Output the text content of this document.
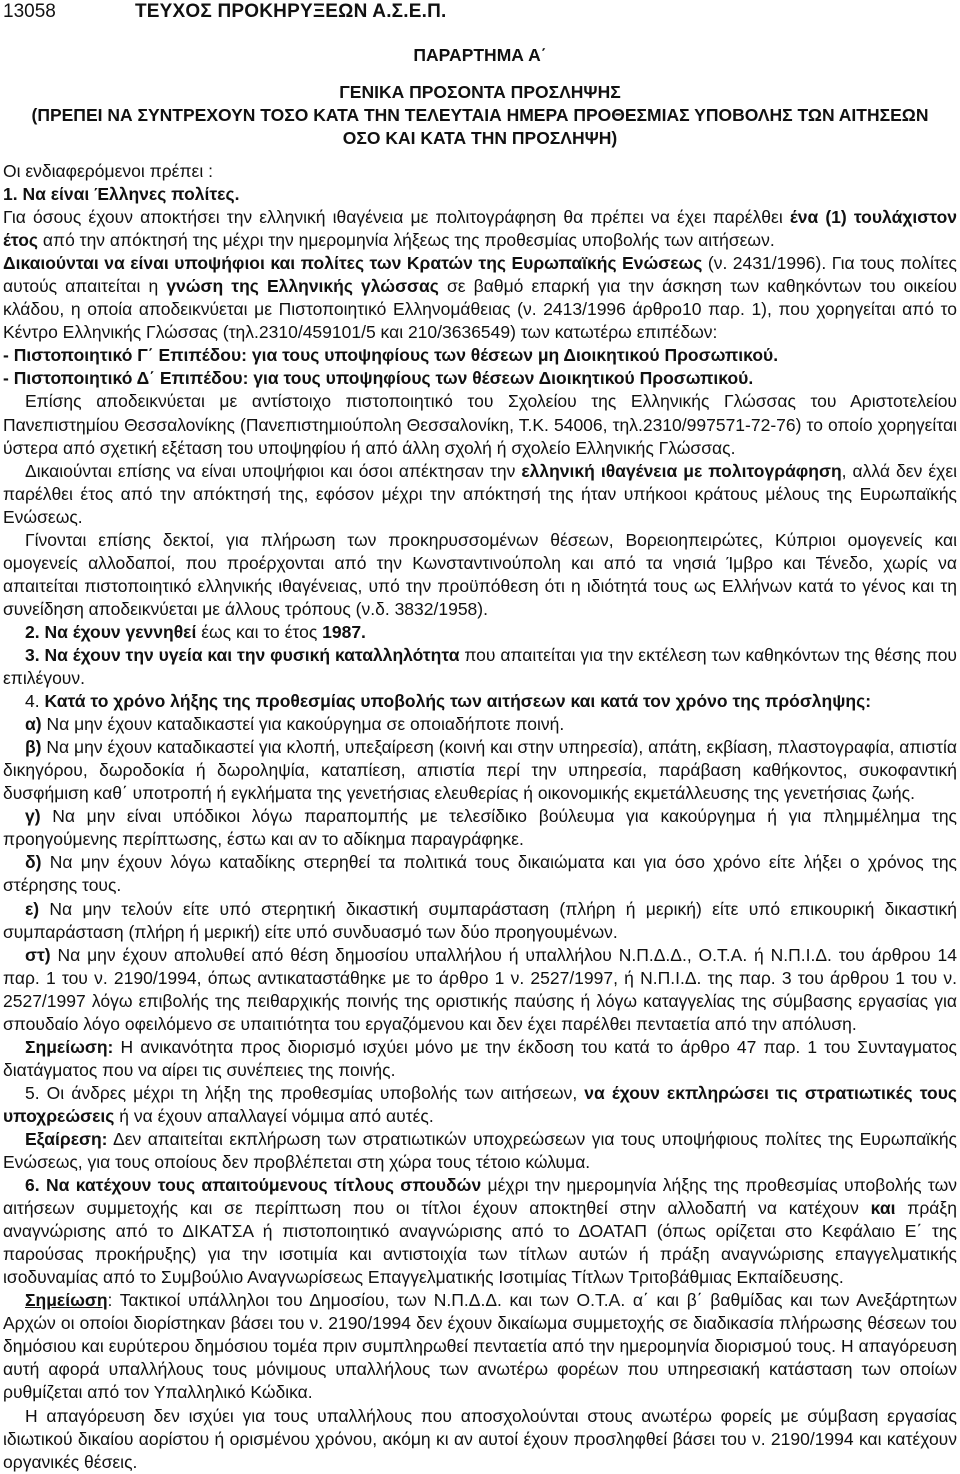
13058	ΤΕΥΧΟΣ ΠΡΟΚΗΡΥΞΕΩΝ Α.Σ.Ε.Π.
ΠΑΡΑΡΤΗΜΑ Α΄
ΓΕΝΙΚΑ ΠΡΟΣΟΝΤΑ ΠΡΟΣΛΗΨΗΣ
(ΠΡΕΠΕΙ ΝΑ ΣΥΝΤΡΕΧΟΥΝ ΤΟΣΟ ΚΑΤΑ ΤΗΝ ΤΕΛΕΥΤΑΙΑ ΗΜΕΡΑ ΠΡΟΘΕΣΜΙΑΣ ΥΠΟΒΟΛΗΣ ΤΩΝ ΑΙΤΗΣΕΩΝ
ΟΣΟ ΚΑΙ ΚΑΤΑ ΤΗΝ ΠΡΟΣΛΗΨΗ)

Οι ενδιαφερόμενοι πρέπει :

1. Να είναι Έλληνες πολίτες.

Για όσους έχουν αποκτήσει την ελληνική ιθαγένεια με πολιτογράφηση θα πρέπει να έχει παρέλθει ένα (1) τουλάχιστον έτος από την απόκτησή της μέχρι την ημερομηνία λήξεως της προθεσμίας υποβολής των αιτήσεων.

Δικαιούνται να είναι υποψήφιοι και πολίτες των Κρατών της Ευρωπαϊκής Ενώσεως (ν. 2431/1996). Για τους πολίτες αυτούς απαιτείται η γνώση της Ελληνικής γλώσσας σε βαθμό επαρκή για την άσκηση των καθηκόντων του οικείου κλάδου, η οποία αποδεικνύεται με Πιστοποιητικό Ελληνομάθειας (ν. 2413/1996 άρθρο10 παρ. 1), που χορηγείται από το Κέντρο Ελληνικής Γλώσσας (τηλ.2310/459101/5 και 210/3636549) των κατωτέρω επιπέδων:

- Πιστοποιητικό Γ΄ Επιπέδου: για τους υποψηφίους των θέσεων μη Διοικητικού Προσωπικού.

- Πιστοποιητικό Δ΄ Επιπέδου: για τους υποψηφίους των θέσεων Διοικητικού Προσωπικού.

Επίσης αποδεικνύεται με αντίστοιχο πιστοποιητικό του Σχολείου της Ελληνικής Γλώσσας του Αριστοτελείου Πανεπιστημίου Θεσσαλονίκης (Πανεπιστημιούπολη Θεσσαλονίκη, Τ.Κ. 54006, τηλ.2310/997571-72-76) το οποίο χορηγείται ύστερα από σχετική εξέταση του υποψηφίου ή από άλλη σχολή ή σχολείο Ελληνικής Γλώσσας.

Δικαιούνται επίσης να είναι υποψήφιοι και όσοι απέκτησαν την ελληνική ιθαγένεια με πολιτογράφηση, αλλά δεν έχει παρέλθει έτος από την απόκτησή της, εφόσον μέχρι την απόκτησή της ήταν υπήκοοι κράτους μέλους της Ευρωπαϊκής Ενώσεως.

Γίνονται επίσης δεκτοί, για πλήρωση των προκηρυσσομένων θέσεων, Βορειοηπειρώτες, Κύπριοι ομογενείς και ομογενείς αλλοδαποί, που προέρχονται από την Κωνσταντινούπολη και από τα νησιά Ίμβρο και Τένεδο, χωρίς να απαιτείται πιστοποιητικό ελληνικής ιθαγένειας, υπό την προϋπόθεση ότι η ιδιότητά τους ως Ελλήνων κατά το γένος και τη συνείδηση αποδεικνύεται με άλλους τρόπους (ν.δ. 3832/1958).

2. Να έχουν γεννηθεί έως και το έτος 1987.

3. Να έχουν την υγεία και την φυσική καταλληλότητα που απαιτείται για την εκτέλεση των καθηκόντων της θέσης που επιλέγουν.

4. Κατά το χρόνο λήξης της προθεσμίας υποβολής των αιτήσεων και κατά τον χρόνο της πρόσληψης:

α) Να μην έχουν καταδικαστεί για κακούργημα σε οποιαδήποτε ποινή.

β) Να μην έχουν καταδικαστεί για κλοπή, υπεξαίρεση (κοινή και στην υπηρεσία), απάτη, εκβίαση, πλαστογραφία, απιστία δικηγόρου, δωροδοκία ή δωροληψία, καταπίεση, απιστία περί την υπηρεσία, παράβαση καθήκοντος, συκοφαντική δυσφήμιση καθ΄ υποτροπή ή εγκλήματα της γενετήσιας ελευθερίας ή οικονομικής εκμετάλλευσης της γενετήσιας ζωής.

γ) Να μην είναι υπόδικοι λόγω παραπομπής με τελεσίδικο βούλευμα για κακούργημα ή για πλημμέλημα της προηγούμενης περίπτωσης, έστω και αν το αδίκημα παραγράφηκε.

δ) Να μην έχουν λόγω καταδίκης στερηθεί τα πολιτικά τους δικαιώματα και για όσο χρόνο είτε λήξει ο χρόνος της στέρησης τους.

ε) Να μην τελούν είτε υπό στερητική δικαστική συμπαράσταση (πλήρη ή μερική) είτε υπό επικουρική δικαστική συμπαράσταση (πλήρη ή μερική) είτε υπό συνδυασμό των δύο προηγουμένων.

στ) Να μην έχουν απολυθεί από θέση δημοσίου υπαλλήλου ή υπαλλήλου Ν.Π.Δ.Δ., Ο.Τ.Α. ή Ν.Π.Ι.Δ. του άρθρου 14 παρ. 1 του ν. 2190/1994, όπως αντικαταστάθηκε με το άρθρο 1 ν. 2527/1997, ή Ν.Π.Ι.Δ. της παρ. 3 του άρθρου 1 του ν. 2527/1997 λόγω επιβολής της πειθαρχικής ποινής της οριστικής παύσης ή λόγω καταγγελίας της σύμβασης εργασίας για σπουδαίο λόγο οφειλόμενο σε υπαιτιότητα του εργαζόμενου και δεν έχει παρέλθει πενταετία από την απόλυση.

Σημείωση: Η ανικανότητα προς διορισμό ισχύει μόνο με την έκδοση του κατά το άρθρο 47 παρ. 1 του Συνταγματος διατάγματος που να αίρει τις συνέπειες της ποινής.

5. Οι άνδρες μέχρι τη λήξη της προθεσμίας υποβολής των αιτήσεων, να έχουν εκπληρώσει τις στρατιωτικές τους υποχρεώσεις ή να έχουν απαλλαγεί νόμιμα από αυτές.

Εξαίρεση: Δεν απαιτείται εκπλήρωση των στρατιωτικών υποχρεώσεων για τους υποψήφιους πολίτες της Ευρωπαϊκής Ενώσεως, για τους οποίους δεν προβλέπεται στη χώρα τους τέτοιο κώλυμα.

6. Να κατέχουν τους απαιτούμενους τίτλους σπουδών μέχρι την ημερομηνία λήξης της προθεσμίας υποβολής των αιτήσεων συμμετοχής και σε περίπτωση που οι τίτλοι έχουν αποκτηθεί στην αλλοδαπή να κατέχουν και πράξη αναγνώρισης από το ΔΙΚΑΤΣΑ ή πιστοποιητικό αναγνώρισης από το ΔΟΑΤΑΠ (όπως ορίζεται στο Κεφάλαιο Ε΄ της παρούσας προκήρυξης) για την ισοτιμία και αντιστοιχία των τίτλων αυτών ή πράξη αναγνώρισης επαγγελματικής ισοδυναμίας από το Συμβούλιο Αναγνωρίσεως Επαγγελματικής Ισοτιμίας Τίτλων Τριτοβάθμιας Εκπαίδευσης.

Σημείωση: Τακτικοί υπάλληλοι του Δημοσίου, των Ν.Π.Δ.Δ. και των Ο.Τ.Α. α΄ και β΄ βαθμίδας και των Ανεξάρτητων Αρχών οι οποίοι διορίστηκαν βάσει του ν. 2190/1994 δεν έχουν δικαίωμα συμμετοχής σε διαδικασία πλήρωσης θέσεων του δημόσιου και ευρύτερου δημόσιου τομέα πριν συμπληρωθεί πενταετία από την ημερομηνία διορισμού τους. Η απαγόρευση αυτή αφορά υπαλλήλους τους μόνιμους υπαλλήλους των ανωτέρω φορέων που υπηρεσιακή κατάσταση των οποίων ρυθμίζεται από τον Υπαλληλικό Κώδικα.

Η απαγόρευση δεν ισχύει για τους υπαλλήλους που αποσχολούνται στους ανωτέρω φορείς με σύμβαση εργασίας ιδιωτικού δικαίου αορίστου ή ορισμένου χρόνου, ακόμη κι αν αυτοί έχουν προσληφθεί βάσει του ν. 2190/1994 και κατέχουν οργανικές θέσεις.
